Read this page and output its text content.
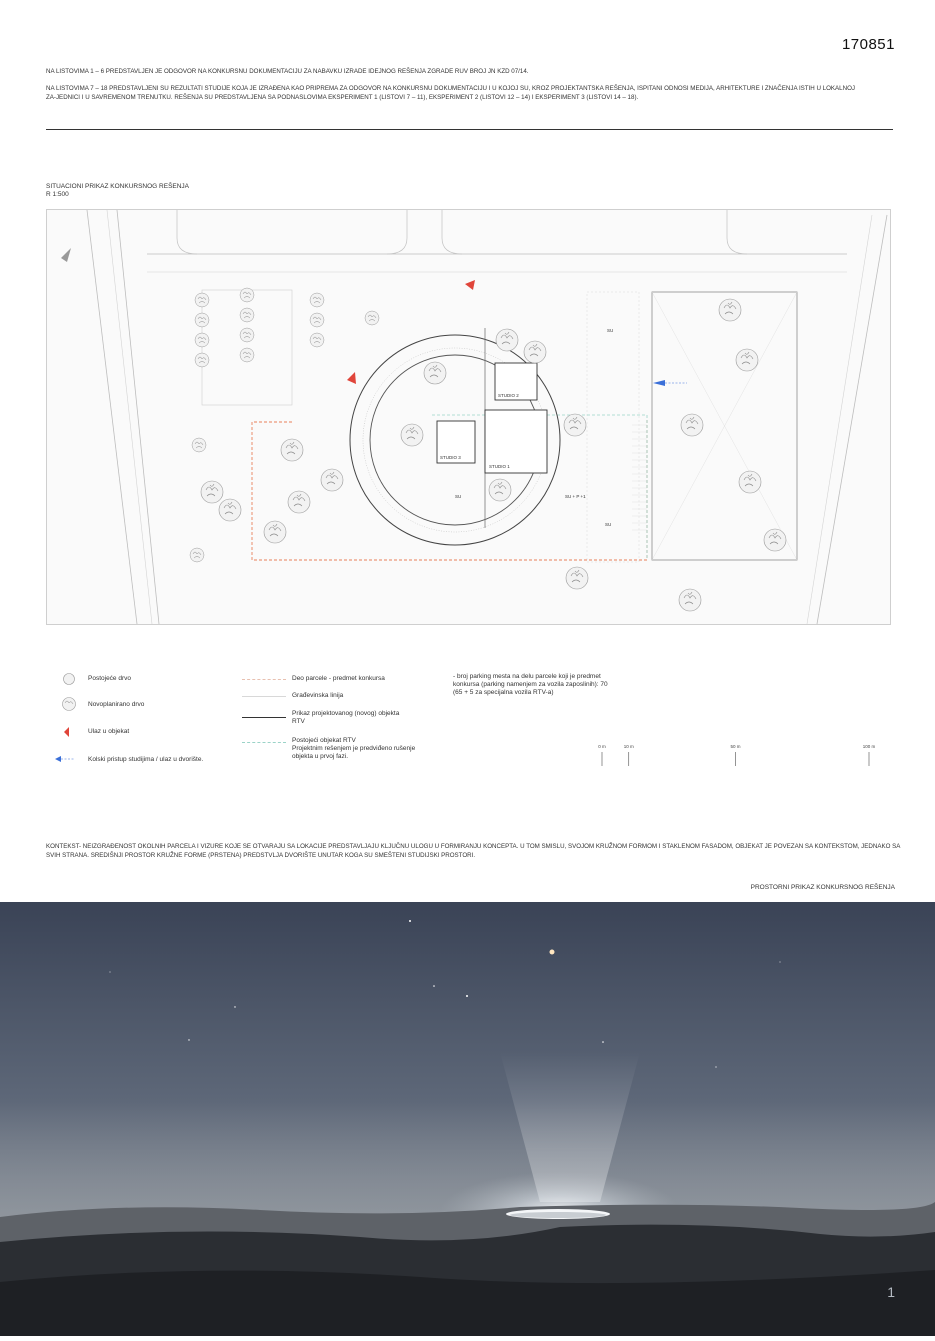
170851
NA LISTOVIMA 1 – 6 PREDSTAVLJEN JE ODGOVOR NA KONKURSNU DOKUMENTACIJU ZA NABAVKU IZRADE IDEJNOG REŠENJA ZGRADE RUV BROJ JN KZD 07/14.
NA LISTOVIMA 7 – 18 PREDSTAVLJENI SU REZULTATI STUDIJE KOJA JE IZRAĐENA KAO PRIPREMA ZA ODGOVOR NA KONKURSNU DOKUMENTACIJU I U KOJOJ SU, KROZ PROJEKTANTSKA REŠENJA, ISPITANI ODNOSI MEDIJA, ARHITEKTURE I ZNAČENJA ISTIH U LOKALNOJ ZA-JEDNICI I U SAVREMENOM TRENUTKU. REŠENJA SU PREDSTAVLJENA SA PODNASLOVIMA EKSPERIMENT 1 (LISTOVI 7 – 11), EKSPERIMENT 2 (LISTOVI 12 – 14) I EKSPERIMENT 3 (LISTOVI 14 – 18).
SITUACIONI PRIKAZ KONKURSNOG REŠENJA
R 1:500
STUDIO 2
STUDIO 1
STUDIO 3
SU	SU + P +1
SU
SU
Postojeće drvo
Novoplanirano drvo
Ulaz u objekat
Kolski pristup studijima / ulaz u dvorište.
Deo parcele - predmet konkursa
Građevinska linija
Prikaz projektovanog (novog) objekta
RTV
Postojeći objekat RTV
Projektnim rešenjem je predviđeno rušenje
objekta u prvoj fazi.
- broj parking mesta na delu parcele koji je predmet
konkursa (parking namenjem za vozila zaposlinih): 70
(65 + 5 za specijalna vozila RTV-a)
0 m	10 m	50 m	100 m
KONTEKST- NEIZGRAĐENOST OKOLNIH PARCELA I VIZURE KOJE SE OTVARAJU SA LOKACIJE PREDSTAVLJAJU KLJUČNU ULOGU U FORMIRANJU KONCEPTA. U TOM SMISLU, SVOJOM KRUŽNOM FORMOM I STAKLENOM FASADOM, OBJEKAT JE POVEZAN SA KONTEKSTOM, JEDNAKO SA SVIH STRANA. SREDIŠNJI PROSTOR KRUŽNE FORME (PRSTENA) PREDSTVLJA DVORIŠTE UNUTAR KOGA SU SMEŠTENI STUDIJSKI PROSTORI.
PROSTORNI PRIKAZ KONKURSNOG REŠENJA
1
